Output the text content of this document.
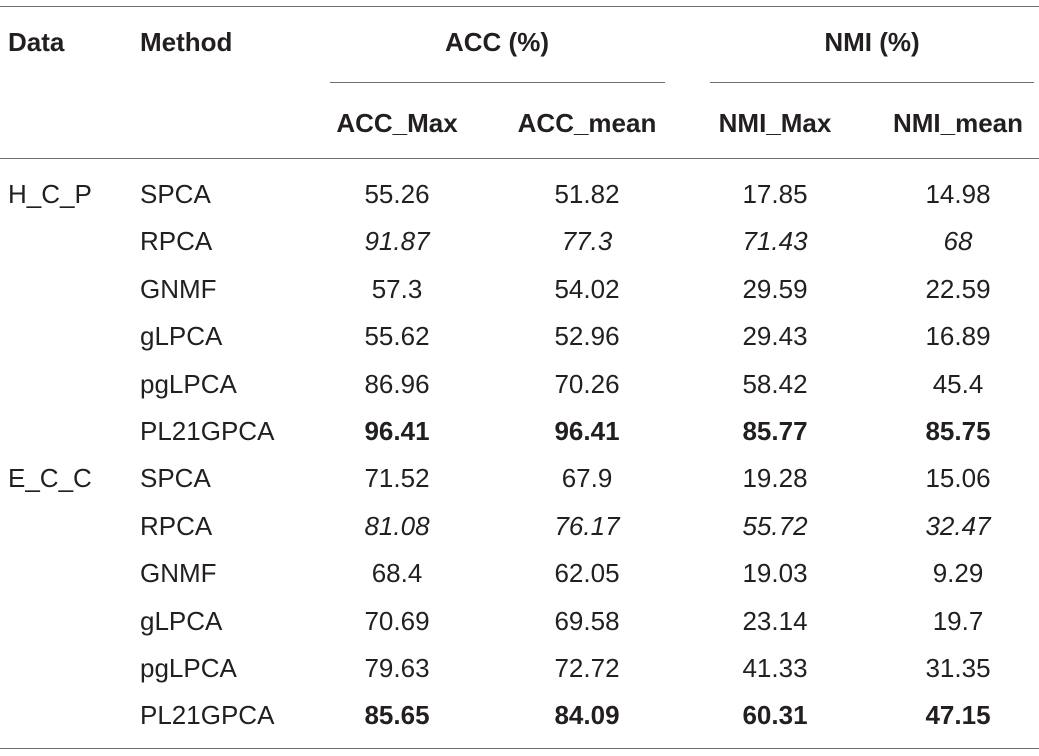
Data	Method	ACC (%)	NMI (%)
ACC_Max ACC_mean NMI_Max NMI_mean
H_C_P SPCA	55.26	51.82	17.85	14.98
RPCA	91.87	77.3	71.43	68
GNMF	57.3	54.02	29.59	22.59
gLPCA	55.62	52.96	29.43	16.89
pgLPCA	86.96	70.26	58.42	45.4
PL21GPCA	96.41	96.41	85.77	85.75
E_C_C SPCA	71.52	67.9	19.28	15.06
RPCA	81.08	76.17	55.72	32.47
GNMF	68.4	62.05	19.03	9.29
gLPCA	70.69	69.58	23.14	19.7
pgLPCA	79.63	72.72	41.33	31.35
PL21GPCA	85.65	84.09	60.31	47.15
